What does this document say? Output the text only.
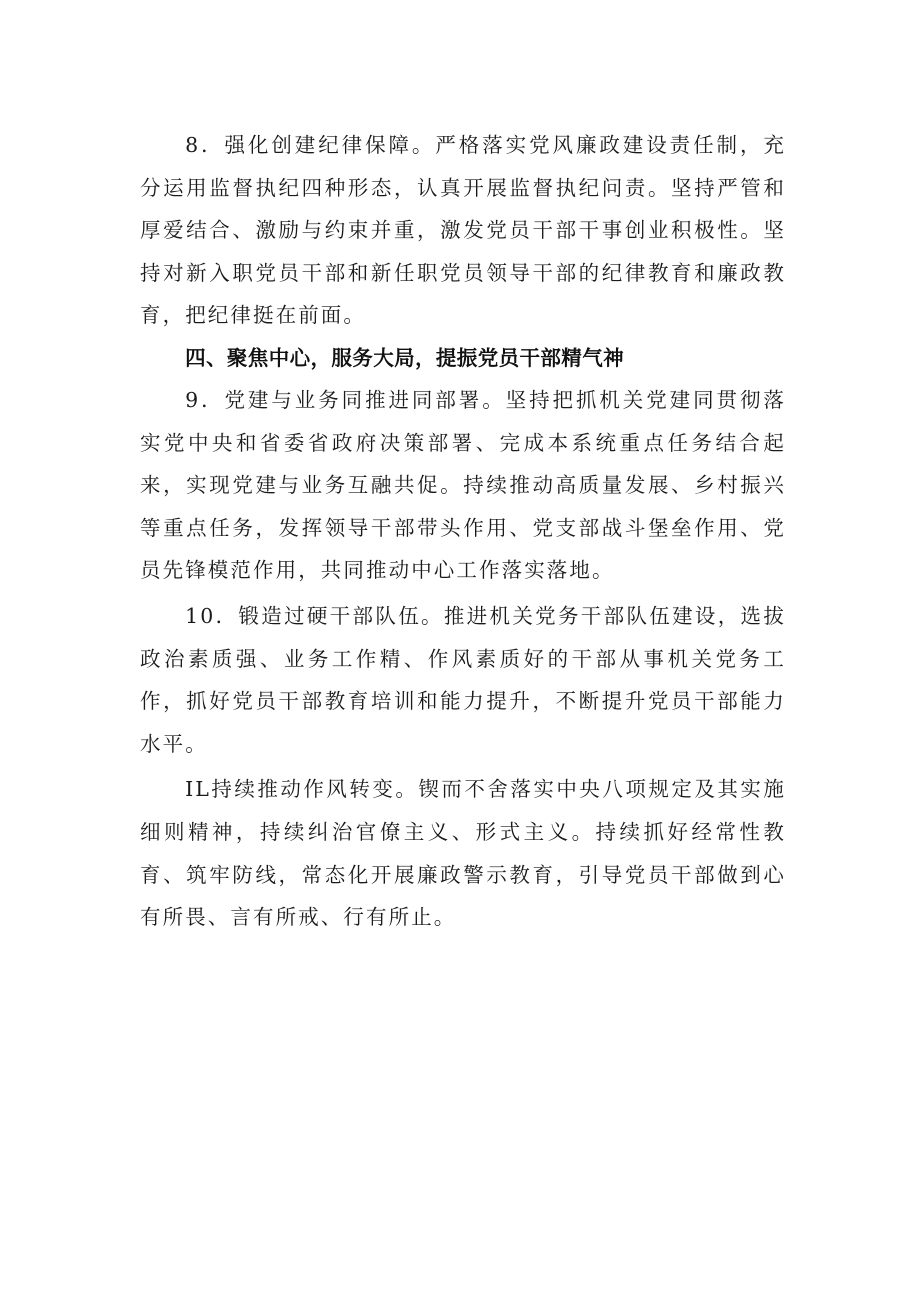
8．强化创建纪律保障。严格落实党风廉政建设责任制，充分运用监督执纪四种形态，认真开展监督执纪问责。坚持严管和厚爱结合、激励与约束并重，激发党员干部干事创业积极性。坚持对新入职党员干部和新任职党员领导干部的纪律教育和廉政教育，把纪律挺在前面。

四、聚焦中心，服务大局，提振党员干部精气神

9．党建与业务同推进同部署。坚持把抓机关党建同贯彻落实党中央和省委省政府决策部署、完成本系统重点任务结合起来，实现党建与业务互融共促。持续推动高质量发展、乡村振兴等重点任务，发挥领导干部带头作用、党支部战斗堡垒作用、党员先锋模范作用，共同推动中心工作落实落地。

10．锻造过硬干部队伍。推进机关党务干部队伍建设，选拔政治素质强、业务工作精、作风素质好的干部从事机关党务工作，抓好党员干部教育培训和能力提升，不断提升党员干部能力水平。

IL持续推动作风转变。锲而不舍落实中央八项规定及其实施细则精神，持续纠治官僚主义、形式主义。持续抓好经常性教育、筑牢防线，常态化开展廉政警示教育，引导党员干部做到心有所畏、言有所戒、行有所止。
